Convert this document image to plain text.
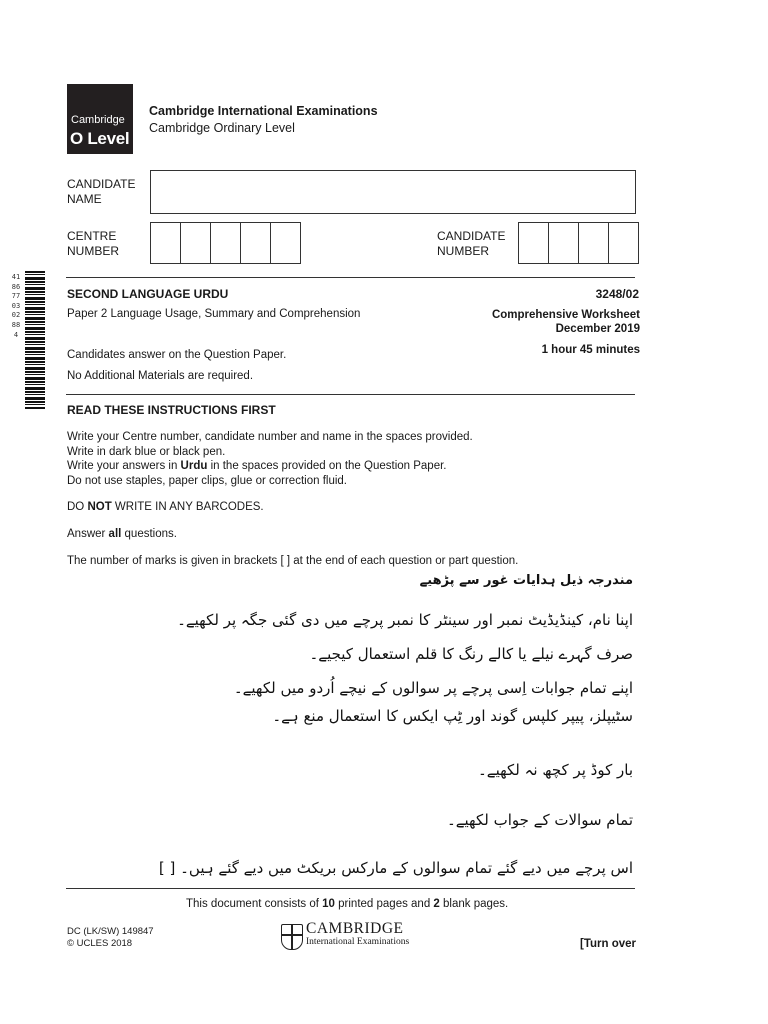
Cambridge
O Level
Cambridge International Examinations
Cambridge Ordinary Level
CANDIDATE
NAME
CENTRE
NUMBER
CANDIDATE
NUMBER
4186770302884
SECOND LANGUAGE URDU	3248/02
Paper 2 Language Usage, Summary and Comprehension	Comprehensive Worksheet
December 2019
1 hour 45 minutes
Candidates answer on the Question Paper.
No Additional Materials are required.
READ THESE INSTRUCTIONS FIRST
Write your Centre number, candidate number and name in the spaces provided.
Write in dark blue or black pen.
Write your answers in Urdu in the spaces provided on the Question Paper.
Do not use staples, paper clips, glue or correction fluid.
DO NOT WRITE IN ANY BARCODES.
Answer all questions.
The number of marks is given in brackets [ ] at the end of each question or part question.
مندرجہ ذیل ہدایات غور سے پڑھیے
اپنا نام، کینڈیڈیٹ نمبر اور سینٹر کا نمبر پرچے میں دی گئی جگہ پر لکھیے۔
صرف گہرے نیلے یا کالے رنگ کا قلم استعمال کیجیے۔
اپنے تمام جوابات اِسی پرچے پر سوالوں کے نیچے اُردو میں لکھیے۔
سٹیپلز، پیپر کلپس گوند اور ٹِپ ایکس کا استعمال منع ہے۔
بار کوڈ پر کچھ نہ لکھیے۔
تمام سوالات کے جواب لکھیے۔
اس پرچے میں دیے گئے تمام سوالوں کے مارکس بریکٹ میں دیے گئے ہیں۔ [ ]
This document consists of 10 printed pages and 2 blank pages.
DC (LK/SW) 149847
© UCLES 2018
CAMBRIDGE
International Examinations	[Turn over
